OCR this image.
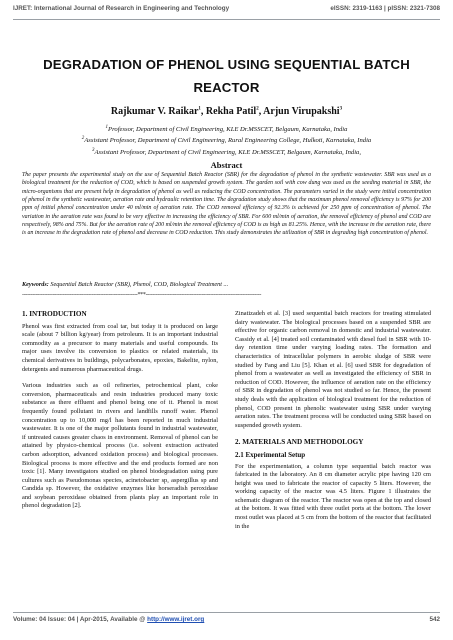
IJRET: International Journal of Research in Engineering and Technology	eISSN: 2319-1163 | pISSN: 2321-7308
DEGRADATION OF PHENOL USING SEQUENTIAL BATCH REACTOR
Rajkumar V. Raikar$^1$, Rekha Patil$^2$, Arjun Virupakshi$^3$
$^1$Professor, Department of Civil Engineering, KLE Dr.MSSCET, Belgaum, Karnataka, India
$^2$Assistant Professor, Department of Civil Engineering, Rural Engineering College, Hulkoti, Karnataka, India
$^3$Assistant Professor, Department of Civil Engineering, KLE Dr.MSSCET, Belgaum, Karnataka, India,
Abstract
The paper presents the experimental study on the use of Sequential Batch Reactor (SBR) for the degradation of phenol in the synthetic wastewater. SBR was used as a biological treatment for the reduction of COD, which is based on suspended growth system. The garden soil with cow dung was used as the seeding material in SBR, the micro-organisms that are present help in degradation of phenol as well as reducing the COD concentration. The parameters varied in the study were initial concentration of phenol in the synthetic wastewater, aeration rate and hydraulic retention time. The degradation study shows that the maximum phenol removal efficiency is 97% for 200 ppm of initial phenol concentration under 40 ml/min of aeration rate. The COD removal efficiency of 92.3% is achieved for 250 ppm of concentration of phenol. The variation in the aeration rate was found to be very effective in increasing the efficiency of SBR. For 600 ml/min of aeration, the removal efficiency of phenol and COD are respectively, 98% and 75%. But for the aeration rate of 200 ml/min the removal efficiency of COD is as high as 81.25%. Hence, with the increase in the aeration rate, there is an increase in the degradation rate of phenol and decrease in COD reduction. This study demonstrates the utilization of SBR in degrading high concentration of phenol.
Keywords: Sequential Batch Reactor (SBR), Phenol, COD, Biological Treatment ...
--------------------------------------------------------------------***--------------------------------------------------------------------
1. INTRODUCTION

Phenol was first extracted from coal tar, but today it is produced on large scale (about 7 billion kg/year) from petroleum. It is an important industrial commodity as a precursor to many materials and useful compounds. Its major uses involve its conversion to plastics or related materials, its chemical derivatives in buildings, polycarbonates, epoxies, Bakelite, nylon, detergents and numerous pharmaceutical drugs.

Various industries such as oil refineries, petrochemical plant, coke conversion, pharmaceuticals and resin industries produced many toxic substance as there effluent and phenol being one of it. Phenol is most frequently found pollutant in rivers and landfills runoff water. Phenol concentration up to 10,000 mg/l has been reported in much industrial wastewater. It is one of the major pollutants found in industrial wastewater, if untreated causes greater chaos in environment. Removal of phenol can be attained by physico-chemical process (i.e. solvent extraction activated carbon adsorption, advanced oxidation process) and biological processes. Biological process is more effective and the end products formed are non toxic [1]. Many investigators studied on phenol biodegradation using pure cultures such as Pseudomonas species, acinetobacter sp, aspergillus sp and Candida sp. However, the oxidative enzymes like horseradish peroxidase and soybean peroxidase obtained from plants play an important role in phenol degradation [2].

Zinatizadeh et al. [3] used sequential batch reactors for treating stimulated dairy wastewater. The biological processes based on a suspended SBR are effective for organic carbon removal in domestic and industrial wastewater. Cassidy et al. [4] treated soil contaminated with diesel fuel in SBR with 10-day retention time under varying loading rates. The formation and characteristics of intracellular polymers in aerobic sludge of SBR were studied by Fang and Liu [5]. Khan et al. [6] used SBR for degradation of phenol from a wastewater as well as investigated the efficiency of SBR in reduction of COD. However, the influence of aeration rate on the efficiency of SBR in degradation of phenol was not studied so far. Hence, the present study deals with the application of biological treatment for the reduction of phenol, COD present in phenolic wastewater using SBR under varying aeration rates. The treatment process will be conducted using SBR based on suspended growth system.

2. MATERIALS AND METHODOLOGY
2.1 Experimental Setup

For the experimentation, a column type sequential batch reactor was fabricated in the laboratory. An 8 cm diameter acrylic pipe having 120 cm height was used to fabricate the reactor of capacity 5 liters. However, the working capacity of the reactor was 4.5 liters. Figure 1 illustrates the schematic diagram of the reactor. The reactor was open at the top and closed at the bottom. It was fitted with three outlet ports at the bottom. The lower most outlet was placed at 5 cm from the bottom of the reactor that facilitated in the

Volume: 04 Issue: 04 | Apr-2015, Available @ http://www.ijret.org	542
